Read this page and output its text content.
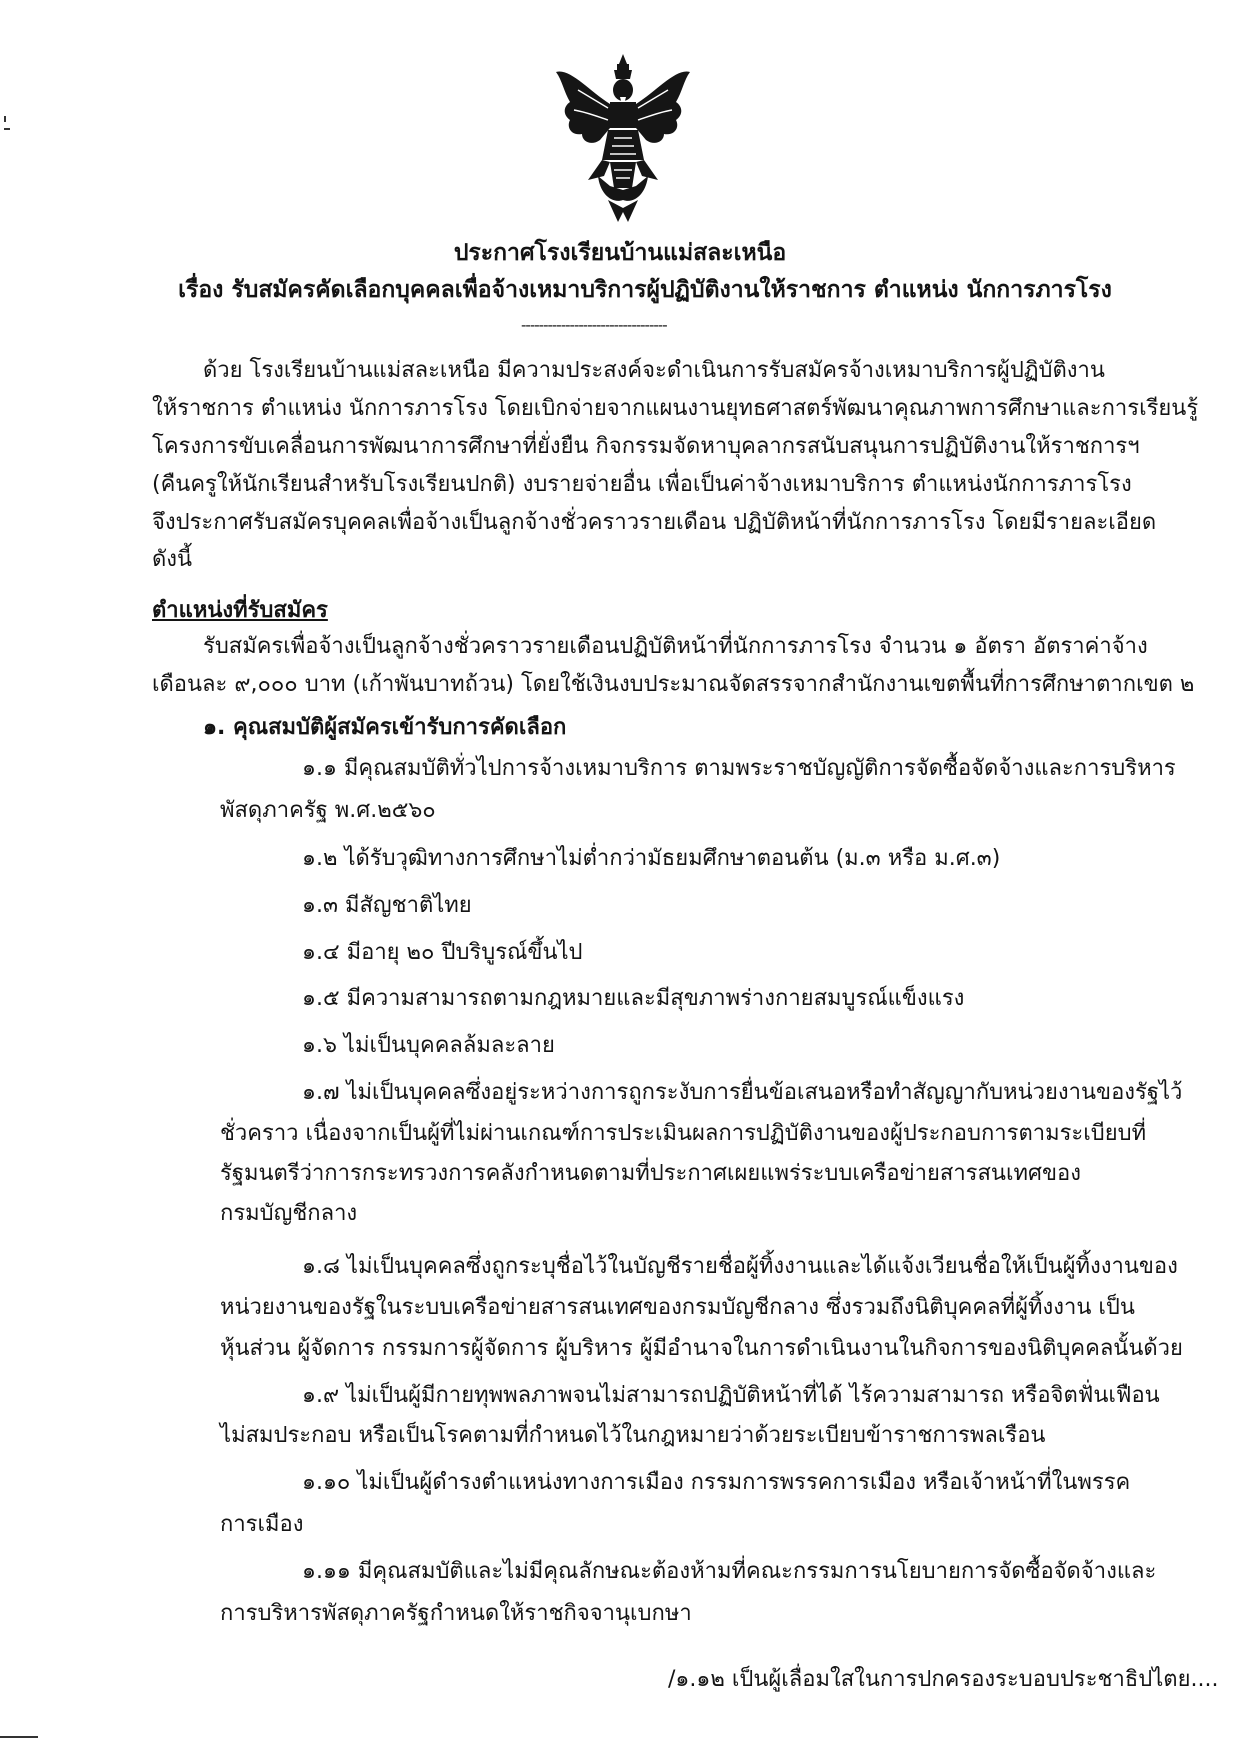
ประกาศโรงเรียนบ้านแม่สละเหนือ
เรื่อง รับสมัครคัดเลือกบุคคลเพื่อจ้างเหมาบริการผู้ปฏิบัติงานให้ราชการ ตำแหน่ง นักการภารโรง
---------------------------------
ด้วย โรงเรียนบ้านแม่สละเหนือ มีความประสงค์จะดำเนินการรับสมัครจ้างเหมาบริการผู้ปฏิบัติงาน
ให้ราชการ ตำแหน่ง นักการภารโรง โดยเบิกจ่ายจากแผนงานยุทธศาสตร์พัฒนาคุณภาพการศึกษาและการเรียนรู้
โครงการขับเคลื่อนการพัฒนาการศึกษาที่ยั่งยืน กิจกรรมจัดหาบุคลากรสนับสนุนการปฏิบัติงานให้ราชการฯ
(คืนครูให้นักเรียนสำหรับโรงเรียนปกติ) งบรายจ่ายอื่น เพื่อเป็นค่าจ้างเหมาบริการ ตำแหน่งนักการภารโรง
จึงประกาศรับสมัครบุคคลเพื่อจ้างเป็นลูกจ้างชั่วคราวรายเดือน ปฏิบัติหน้าที่นักการภารโรง โดยมีรายละเอียด
ดังนี้
ตำแหน่งที่รับสมัคร
รับสมัครเพื่อจ้างเป็นลูกจ้างชั่วคราวรายเดือนปฏิบัติหน้าที่นักการภารโรง จำนวน ๑ อัตรา อัตราค่าจ้าง
เดือนละ ๙,๐๐๐ บาท (เก้าพันบาทถ้วน) โดยใช้เงินงบประมาณจัดสรรจากสำนักงานเขตพื้นที่การศึกษาตากเขต ๒
๑. คุณสมบัติผู้สมัครเข้ารับการคัดเลือก
๑.๑ มีคุณสมบัติทั่วไปการจ้างเหมาบริการ ตามพระราชบัญญัติการจัดซื้อจัดจ้างและการบริหาร
พัสดุภาครัฐ พ.ศ.๒๕๖๐
๑.๒ ได้รับวุฒิทางการศึกษาไม่ต่ำกว่ามัธยมศึกษาตอนต้น (ม.๓ หรือ ม.ศ.๓)
๑.๓ มีสัญชาติไทย
๑.๔ มีอายุ ๒๐ ปีบริบูรณ์ขึ้นไป
๑.๕ มีความสามารถตามกฎหมายและมีสุขภาพร่างกายสมบูรณ์แข็งแรง
๑.๖ ไม่เป็นบุคคลล้มละลาย
๑.๗ ไม่เป็นบุคคลซึ่งอยู่ระหว่างการถูกระงับการยื่นข้อเสนอหรือทำสัญญากับหน่วยงานของรัฐไว้
ชั่วคราว เนื่องจากเป็นผู้ที่ไม่ผ่านเกณฑ์การประเมินผลการปฏิบัติงานของผู้ประกอบการตามระเบียบที่
รัฐมนตรีว่าการกระทรวงการคลังกำหนดตามที่ประกาศเผยแพร่ระบบเครือข่ายสารสนเทศของ
กรมบัญชีกลาง
๑.๘ ไม่เป็นบุคคลซึ่งถูกระบุชื่อไว้ในบัญชีรายชื่อผู้ทิ้งงานและได้แจ้งเวียนชื่อให้เป็นผู้ทิ้งงานของ
หน่วยงานของรัฐในระบบเครือข่ายสารสนเทศของกรมบัญชีกลาง ซึ่งรวมถึงนิติบุคคลที่ผู้ทิ้งงาน เป็น
หุ้นส่วน ผู้จัดการ กรรมการผู้จัดการ ผู้บริหาร ผู้มีอำนาจในการดำเนินงานในกิจการของนิติบุคคลนั้นด้วย
๑.๙ ไม่เป็นผู้มีกายทุพพลภาพจนไม่สามารถปฏิบัติหน้าที่ได้ ไร้ความสามารถ หรือจิตฟั่นเฟือน
ไม่สมประกอบ หรือเป็นโรคตามที่กำหนดไว้ในกฎหมายว่าด้วยระเบียบข้าราชการพลเรือน
๑.๑๐ ไม่เป็นผู้ดำรงตำแหน่งทางการเมือง กรรมการพรรคการเมือง หรือเจ้าหน้าที่ในพรรค
การเมือง
๑.๑๑ มีคุณสมบัติและไม่มีคุณลักษณะต้องห้ามที่คณะกรรมการนโยบายการจัดซื้อจัดจ้างและ
การบริหารพัสดุภาครัฐกำหนดให้ราชกิจจานุเบกษา
/๑.๑๒ เป็นผู้เลื่อมใสในการปกครองระบอบประชาธิปไตย....
